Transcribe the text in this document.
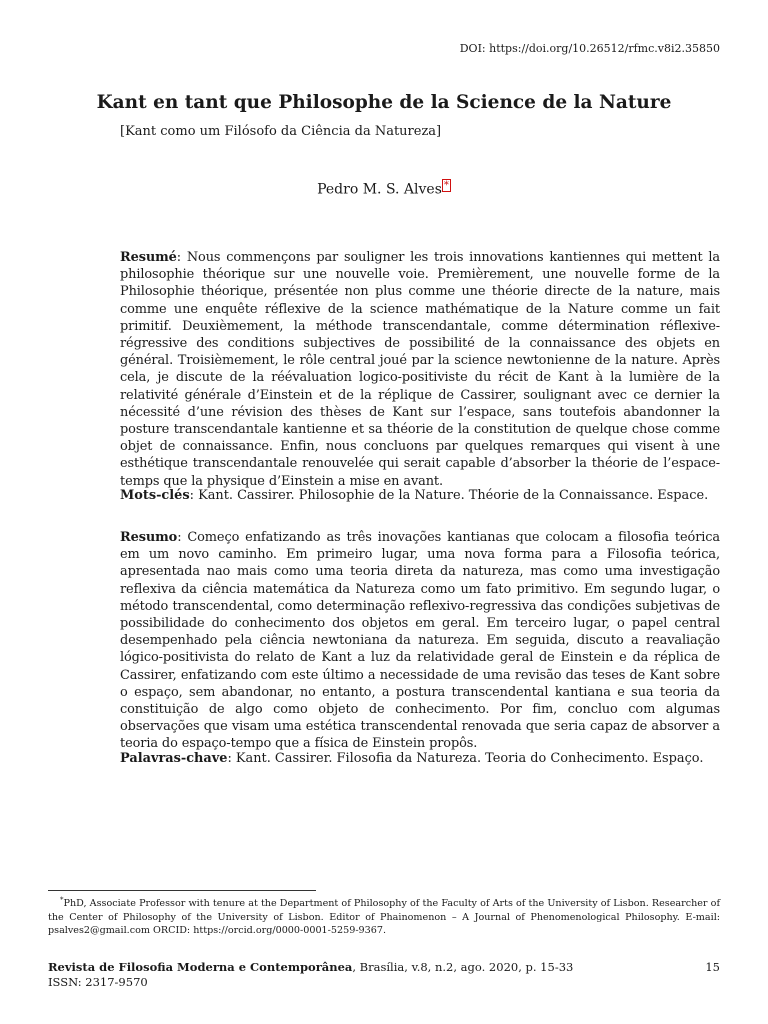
DOI: https://doi.org/10.26512/rfmc.v8i2.35850
Kant en tant que Philosophe de la Science de la Nature
[Kant como um Filósofo da Ciência da Natureza]
Pedro M. S. Alves *

Resumé: Nous commençons par souligner les trois innovations kantiennes qui mettent la philosophie théorique sur une nouvelle voie. Premièrement, une nouvelle forme de la Philosophie théorique, présentée non plus comme une théorie directe de la nature, mais comme une enquête réflexive de la science mathématique de la Nature comme un fait primitif. Deuxièmement, la méthode transcendantale, comme détermination réflexive-régressive des conditions subjectives de possibilité de la connaissance des objets en général. Troisièmement, le rôle central joué par la science newtonienne de la nature. Après cela, je discute de la réévaluation logico-positiviste du récit de Kant à la lumière de la relativité générale d’Einstein et de la réplique de Cassirer, soulignant avec ce dernier la nécessité d’une révision des thèses de Kant sur l’espace, sans toutefois abandonner la posture transcendantale kantienne et sa théorie de la constitution de quelque chose comme objet de connaissance. Enfin, nous concluons par quelques remarques qui visent à une esthétique transcendantale renouvelée qui serait capable d’absorber la théorie de l’espace-temps que la physique d’Einstein a mise en avant.

Mots-clés: Kant. Cassirer. Philosophie de la Nature. Théorie de la Connaissance. Espace.

Resumo: Começo enfatizando as três inovações kantianas que colocam a filosofia teórica em um novo caminho. Em primeiro lugar, uma nova forma para a Filosofia teórica, apresentada nao mais como uma teoria direta da natureza, mas como uma investigação reflexiva da ciência matemática da Natureza como um fato primitivo. Em segundo lugar, o método transcendental, como determinação reflexivo-regressiva das condições subjetivas de possibilidade do conhecimento dos objetos em geral. Em terceiro lugar, o papel central desempenhado pela ciência newtoniana da natureza. Em seguida, discuto a reavaliação lógico-positivista do relato de Kant a luz da relatividade geral de Einstein e da réplica de Cassirer, enfatizando com este último a necessidade de uma revisão das teses de Kant sobre o espaço, sem abandonar, no entanto, a postura transcendental kantiana e sua teoria da constituição de algo como objeto de conhecimento. Por fim, concluo com algumas observações que visam uma estética transcendental renovada que seria capaz de absorver a teoria do espaço-tempo que a física de Einstein propôs.

Palavras-chave: Kant. Cassirer. Filosofia da Natureza. Teoria do Conhecimento. Espaço.

*PhD, Associate Professor with tenure at the Department of Philosophy of the Faculty of Arts of the University of Lisbon. Researcher of the Center of Philosophy of the University of Lisbon. Editor of Phainomenon – A Journal of Phenomenological Philosophy. E-mail: psalves2@gmail.com ORCID: https://orcid.org/0000-0001-5259-9367.

Revista de Filosofia Moderna e Contemporânea, Brasília, v.8, n.2, ago. 2020, p. 15-33
ISSN: 2317-9570
15
